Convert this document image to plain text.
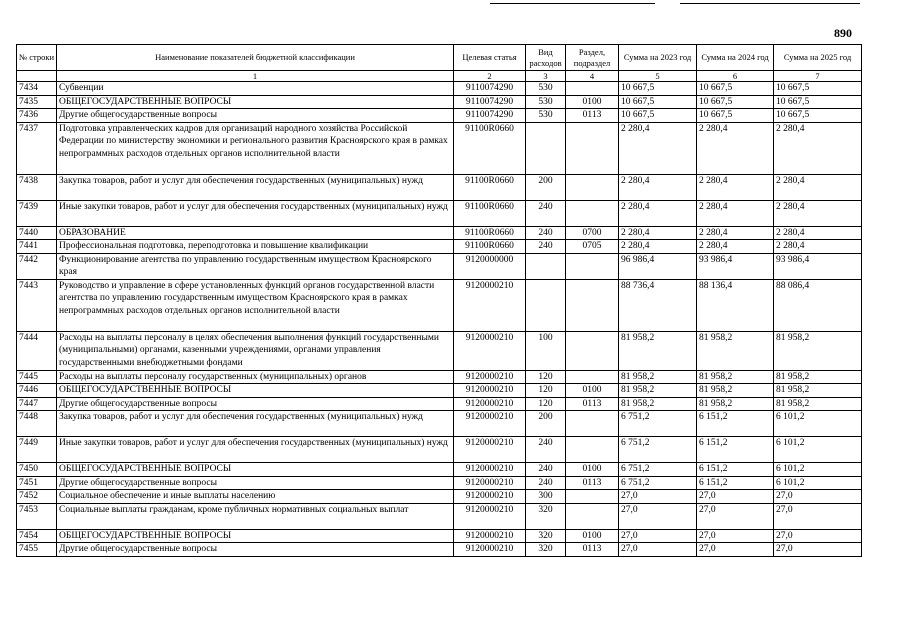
890
№ строки	Наименование показателей бюджетной классификации	Целевая статья	Вид расходов	Раздел, подраздел	Сумма на 2023 год	Сумма на 2024 год	Сумма на 2025 год
	1	2	3	4	5	6	7
7434	Субвенции	9110074290	530		10 667,5	10 667,5	10 667,5
7435	ОБЩЕГОСУДАРСТВЕННЫЕ ВОПРОСЫ	9110074290	530	0100	10 667,5	10 667,5	10 667,5
7436	Другие общегосударственные вопросы	9110074290	530	0113	10 667,5	10 667,5	10 667,5
7437	Подготовка управленческих кадров для организаций народного хозяйства Российской Федерации по министерству экономики и регионального развития Красноярского края в рамках непрограммных расходов отдельных органов исполнительной власти	91100R0660			2 280,4	2 280,4	2 280,4
7438	Закупка товаров, работ и услуг для обеспечения государственных (муниципальных) нужд	91100R0660	200		2 280,4	2 280,4	2 280,4
7439	Иные закупки товаров, работ и услуг для обеспечения государственных (муниципальных) нужд	91100R0660	240		2 280,4	2 280,4	2 280,4
7440	ОБРАЗОВАНИЕ	91100R0660	240	0700	2 280,4	2 280,4	2 280,4
7441	Профессиональная подготовка, переподготовка и повышение квалификации	91100R0660	240	0705	2 280,4	2 280,4	2 280,4
7442	Функционирование агентства по управлению государственным имуществом Красноярского края	9120000000			96 986,4	93 986,4	93 986,4
7443	Руководство и управление в сфере установленных функций органов государственной власти агентства по управлению государственным имуществом Красноярского края в рамках непрограммных расходов отдельных органов исполнительной власти	9120000210			88 736,4	88 136,4	88 086,4
7444	Расходы на выплаты персоналу в целях обеспечения выполнения функций государственными (муниципальными) органами, казенными учреждениями, органами управления государственными внебюджетными фондами	9120000210	100		81 958,2	81 958,2	81 958,2
7445	Расходы на выплаты персоналу государственных (муниципальных) органов	9120000210	120		81 958,2	81 958,2	81 958,2
7446	ОБЩЕГОСУДАРСТВЕННЫЕ ВОПРОСЫ	9120000210	120	0100	81 958,2	81 958,2	81 958,2
7447	Другие общегосударственные вопросы	9120000210	120	0113	81 958,2	81 958,2	81 958,2
7448	Закупка товаров, работ и услуг для обеспечения государственных (муниципальных) нужд	9120000210	200		6 751,2	6 151,2	6 101,2
7449	Иные закупки товаров, работ и услуг для обеспечения государственных (муниципальных) нужд	9120000210	240		6 751,2	6 151,2	6 101,2
7450	ОБЩЕГОСУДАРСТВЕННЫЕ ВОПРОСЫ	9120000210	240	0100	6 751,2	6 151,2	6 101,2
7451	Другие общегосударственные вопросы	9120000210	240	0113	6 751,2	6 151,2	6 101,2
7452	Социальное обеспечение и иные выплаты населению	9120000210	300		27,0	27,0	27,0
7453	Социальные выплаты гражданам, кроме публичных нормативных социальных выплат	9120000210	320		27,0	27,0	27,0
7454	ОБЩЕГОСУДАРСТВЕННЫЕ ВОПРОСЫ	9120000210	320	0100	27,0	27,0	27,0
7455	Другие общегосударственные вопросы	9120000210	320	0113	27,0	27,0	27,0
